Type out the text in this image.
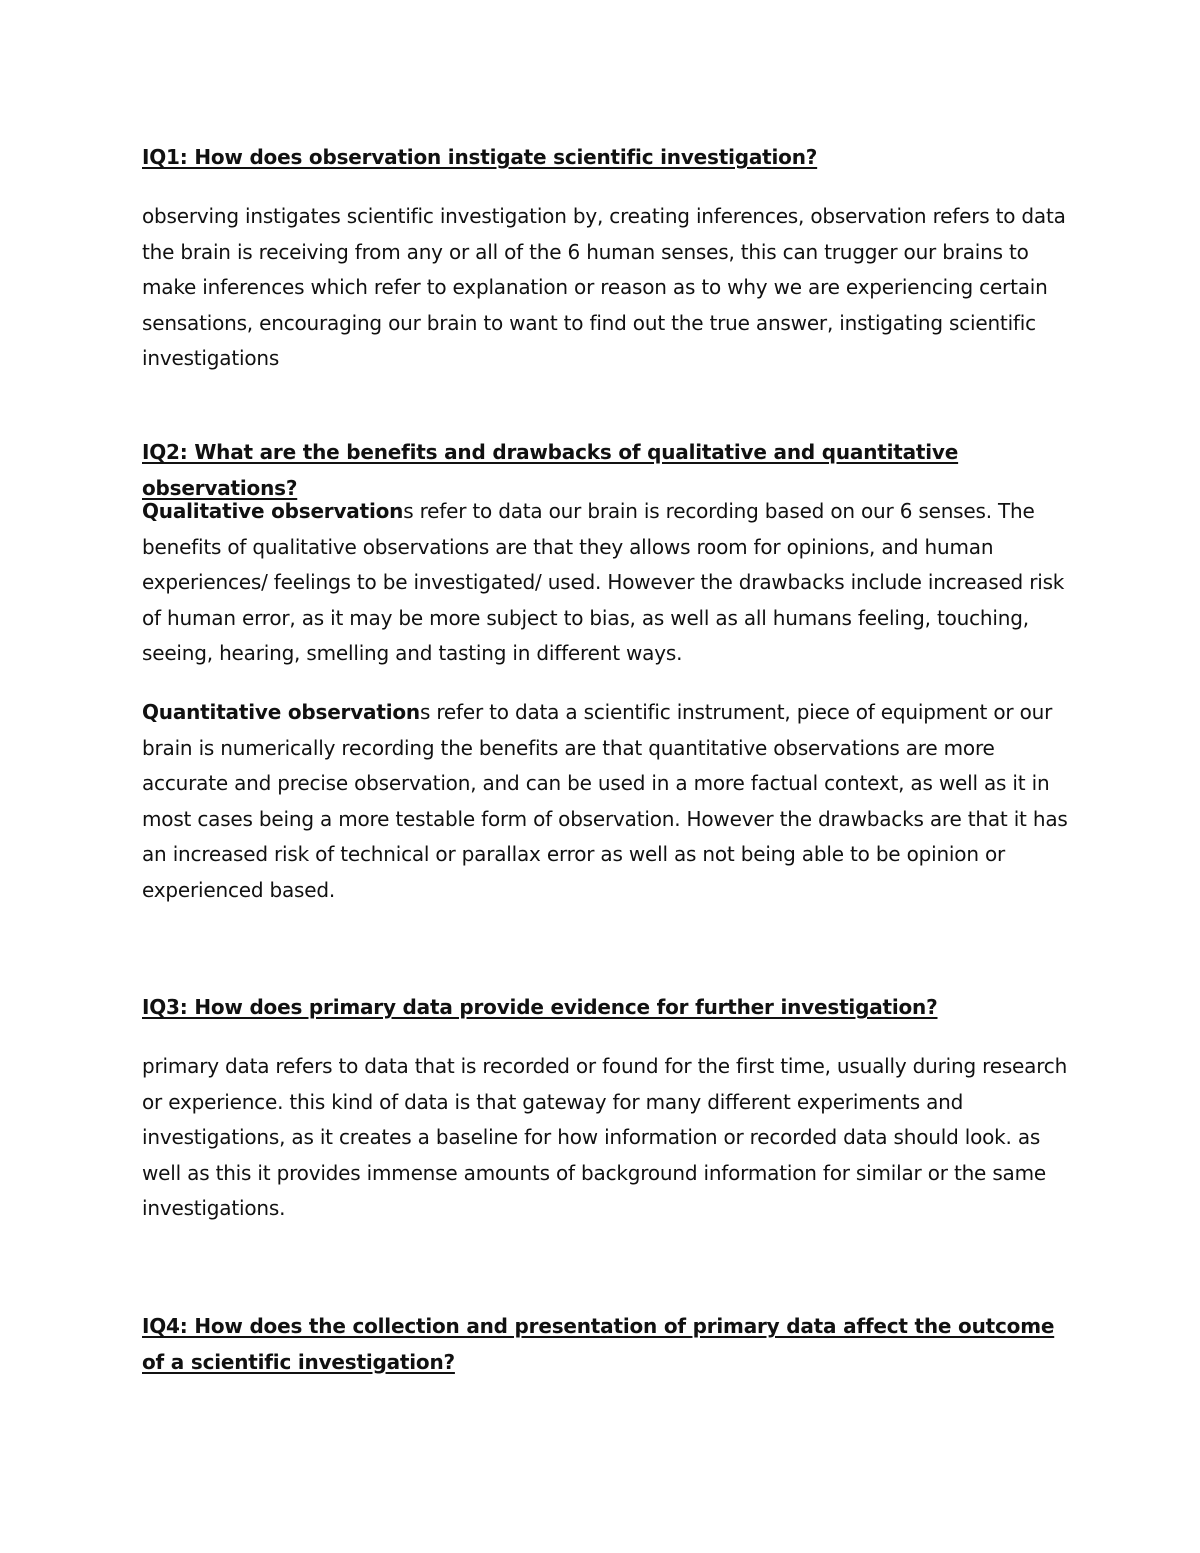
IQ1: How does observation instigate scientific investigation?

observing instigates scientific investigation by, creating inferences, observation refers to data the brain is receiving from any or all of the 6 human senses, this can trugger our brains to make inferences which refer to explanation or reason as to why we are experiencing certain sensations, encouraging our brain to want to find out the true answer, instigating scientific investigations

IQ2: What are the benefits and drawbacks of qualitative and quantitative observations?

Qualitative observations refer to data our brain is recording based on our 6 senses. The benefits of qualitative observations are that they allows room for opinions, and human experiences/ feelings to be investigated/ used. However the drawbacks include increased risk of human error, as it may be more subject to bias, as well as all humans feeling, touching, seeing, hearing, smelling and tasting in different ways.

Quantitative observations refer to data a scientific instrument, piece of equipment or our brain is numerically recording the benefits are that quantitative observations are more accurate and precise observation, and can be used in a more factual context, as well as it in most cases being a more testable form of observation. However the drawbacks are that it has an increased risk of technical or parallax error as well as not being able to be opinion or experienced based.

IQ3: How does primary data provide evidence for further investigation?

primary data refers to data that is recorded or found for the first time, usually during research or experience. this kind of data is that gateway for many different experiments and investigations, as it creates a baseline for how information or recorded data should look. as well as this it provides immense amounts of background information for similar or the same investigations.

IQ4: How does the collection and presentation of primary data affect the outcome of a scientific investigation?
